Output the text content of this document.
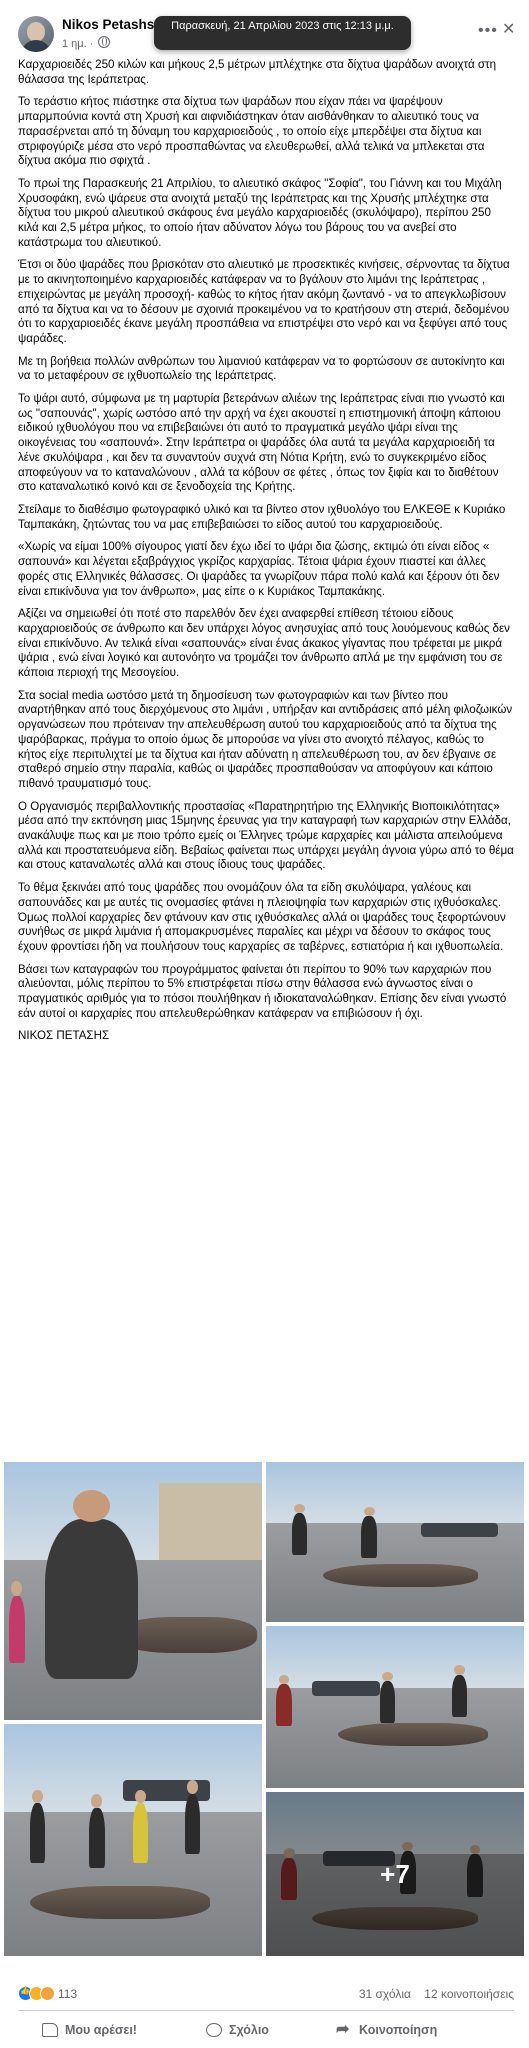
Nikos Petashs
1 ημ. ·
Παρασκευή, 21 Απριλίου 2023 στις 12:13 μ.μ.	••• ✕

Καρχαριοειδές 250 κιλών και μήκους 2,5 μέτρων μπλέχτηκε στα δίχτυα ψαράδων ανοιχτά στη θάλασσα της Ιεράπετρας.

Το τεράστιο κήτος πιάστηκε στα δίχτυα των ψαράδων που είχαν πάει να ψαρέψουν μπαρμπούνια κοντά στη Χρυσή και αιφνιδιάστηκαν όταν αισθάνθηκαν το αλιευτικό τους να παρασέρνεται από τη δύναμη του καρχαριοειδούς , το οποίο είχε μπερδέψει στα δίχτυα και στριφογύριζε μέσα στο νερό προσπαθώντας να ελευθερωθεί, αλλά τελικά να μπλεκεται στα δίχτυα ακόμα πιο σφιχτά .

Το πρωί της Παρασκευής 21 Απριλίου, το αλιευτικό σκάφος "Σοφία", του Γιάννη και του Μιχάλη Χρυσοφάκη, ενώ ψάρευε στα ανοιχτά μεταξύ της Ιεράπετρας και της Χρυσής μπλέχτηκε στα δίχτυα του μικρού αλιευτικού σκάφους ένα μεγάλο καρχαριοειδές (σκυλόψαρο), περίπου 250 κιλά και 2,5 μέτρα μήκος, το οποίο ήταν αδύνατον λόγω του βάρους του να ανεβεί στο κατάστρωμα του αλιευτικού.

Έτσι οι δύο ψαράδες που βρισκόταν στο αλιευτικό με προσεκτικές κινήσεις, σέρνοντας τα δίχτυα με το ακινητοποιημένο καρχαριοειδές κατάφεραν να το βγάλουν στο λιμάνι της Ιεράπετρας , επιχειρώντας με μεγάλη προσοχή- καθώς το κήτος ήταν ακόμη ζωντανό - να το απεγκλωβίσουν από τα δίχτυα και να το δέσουν με σχοινιά προκειμένου να το κρατήσουν στη στεριά, δεδομένου ότι το καρχαριοειδές έκανε μεγάλη προσπάθεια να επιστρέψει στο νερό και να ξεφύγει από τους ψαράδες.

Με τη βοήθεια πολλών ανθρώπων του λιμανιού κατάφεραν να το φορτώσουν σε αυτοκίνητο και να το μεταφέρουν σε ιχθυοπωλείο της Ιεράπετρας.

Το ψάρι αυτό, σύμφωνα με τη μαρτυρία βετεράνων αλιέων της Ιεράπετρας είναι πιο γνωστό και ως "σαπουνάς", χωρίς ωστόσο από την αρχή να έχει ακουστεί η επιστημονική άποψη κάποιου ειδικού ιχθυολόγου που να επιβεβαιώνει ότι αυτό το πραγματικά μεγάλο ψάρι είναι της οικογένειας του «σαπουνά». Στην Ιεράπετρα οι ψαράδες όλα αυτά τα μεγάλα καρχαριοειδή τα λένε σκυλόψαρα , και δεν τα συναντούν συχνά στη Νότια Κρήτη, ενώ το συγκεκριμένο είδος αποφεύγουν να το καταναλώνουν , αλλά τα κόβουν σε φέτες , όπως τον ξιφία και το διαθέτουν στο καταναλωτικό κοινό και σε ξενοδοχεία της Κρήτης.

Στείλαμε το διαθέσιμο φωτογραφικό υλικό και τα βίντεο στον ιχθυολόγο του ΕΛΚΕΘΕ κ Κυριάκο Ταμπακάκη, ζητώντας του να μας επιβεβαιώσει το είδος αυτού του καρχαριοειδούς.

«Χωρίς να είμαι 100% σίγουρος γιατί δεν έχω ιδεί το ψάρι δια ζώσης, εκτιμώ ότι είναι είδος « σαπουνά» και λέγεται εξαβράγχιος γκρίζος καρχαρίας. Τέτοια ψάρια έχουν πιαστεί και άλλες φορές στις Ελληνικές θάλασσες. Οι ψαράδες τα γνωρίζουν πάρα πολύ καλά και ξέρουν ότι δεν είναι επικίνδυνα για τον άνθρωπο», μας είπε ο κ Κυριάκος Ταμπακάκης.

Αξίζει να σημειωθεί ότι ποτέ στο παρελθόν δεν έχει αναφερθεί επίθεση τέτοιου είδους καρχαριοειδούς σε άνθρωπο και δεν υπάρχει λόγος ανησυχίας από τους λουόμενους καθώς δεν είναι επικίνδυνο. Αν τελικά είναι «σαπουνάς» είναι ένας άκακος γίγαντας που τρέφεται με μικρά ψάρια , ενώ είναι λογικό και αυτονόητο να τρομάζει τον άνθρωπο απλά με την εμφάνιση του σε κάποια περιοχή της Μεσογείου.

Στα social media ωστόσο μετά τη δημοσίευση των φωτογραφιών και των βίντεο που αναρτήθηκαν από τους διερχόμενους στο λιμάνι , υπήρξαν και αντιδράσεις από μέλη φιλοζωικών οργανώσεων που πρότειναν την απελευθέρωση αυτού του καρχαριοειδούς από τα δίχτυα της ψαρόβαρκας, πράγμα το οποίο όμως δε μπορούσε να γίνει στο ανοιχτό πέλαγος, καθώς το κήτος είχε περιτυλιχτεί με τα δίχτυα και ήταν αδύνατη η απελευθέρωση του, αν δεν έβγαινε σε σταθερό σημείο στην παραλία, καθώς οι ψαράδες προσπαθούσαν να αποφύγουν και κάποιο πιθανό τραυματισμό τους.

Ο Οργανισμός περιβαλλοντικής προστασίας «Παρατηρητήριο της Ελληνικής Βιοποικιλότητας» μέσα από την εκπόνηση μιας 15μηνης έρευνας για την καταγραφή των καρχαριών στην Ελλάδα, ανακάλυψε πως και με ποιο τρόπο εμείς οι Έλληνες τρώμε καρχαρίες και μάλιστα απειλούμενα αλλά και προστατευόμενα είδη. Βεβαίως φαίνεται πως υπάρχει μεγάλη άγνοια γύρω από το θέμα και στους καταναλωτές αλλά και στους ίδιους τους ψαράδες.

Το θέμα ξεκινάει από τους ψαράδες που ονομάζουν όλα τα είδη σκυλόψαρα, γαλέους και σαπουνάδες και με αυτές τις ονομασίες φτάνει η πλειοψηφία των καρχαριών στις ιχθυόσκαλες. Όμως πολλοί καρχαρίες δεν φτάνουν καν στις ιχθυόσκαλες αλλά οι ψαράδες τους ξεφορτώνουν συνήθως σε μικρά λιμάνια ή απομακρυσμένες παραλίες και μέχρι να δέσουν το σκάφος τους έχουν φροντίσει ήδη να πουλήσουν τους καρχαρίες σε ταβέρνες, εστιατόρια ή και ιχθυοπωλεία.

Βάσει των καταγραφών του προγράμματος φαίνεται ότι περίπου το 90% των καρχαριών που αλιεύονται, μόλις περίπου το 5% επιστρέφεται πίσω στην θάλασσα ενώ άγνωστος είναι ο πραγματικός αριθμός για το πόσοι πουλήθηκαν ή ιδιοκαταναλώθηκαν. Επίσης δεν είναι γνωστό εάν αυτοί οι καρχαρίες που απελευθερώθηκαν κατάφεραν να επιβιώσουν ή όχι.

ΝΙΚΟΣ ΠΕΤΑΣΗΣ

+7
👍
113	31 σχόλια 12 κοινοποιήσεις
Μου αρέσει!	Σχόλιο
➦	Κοινοποίηση
